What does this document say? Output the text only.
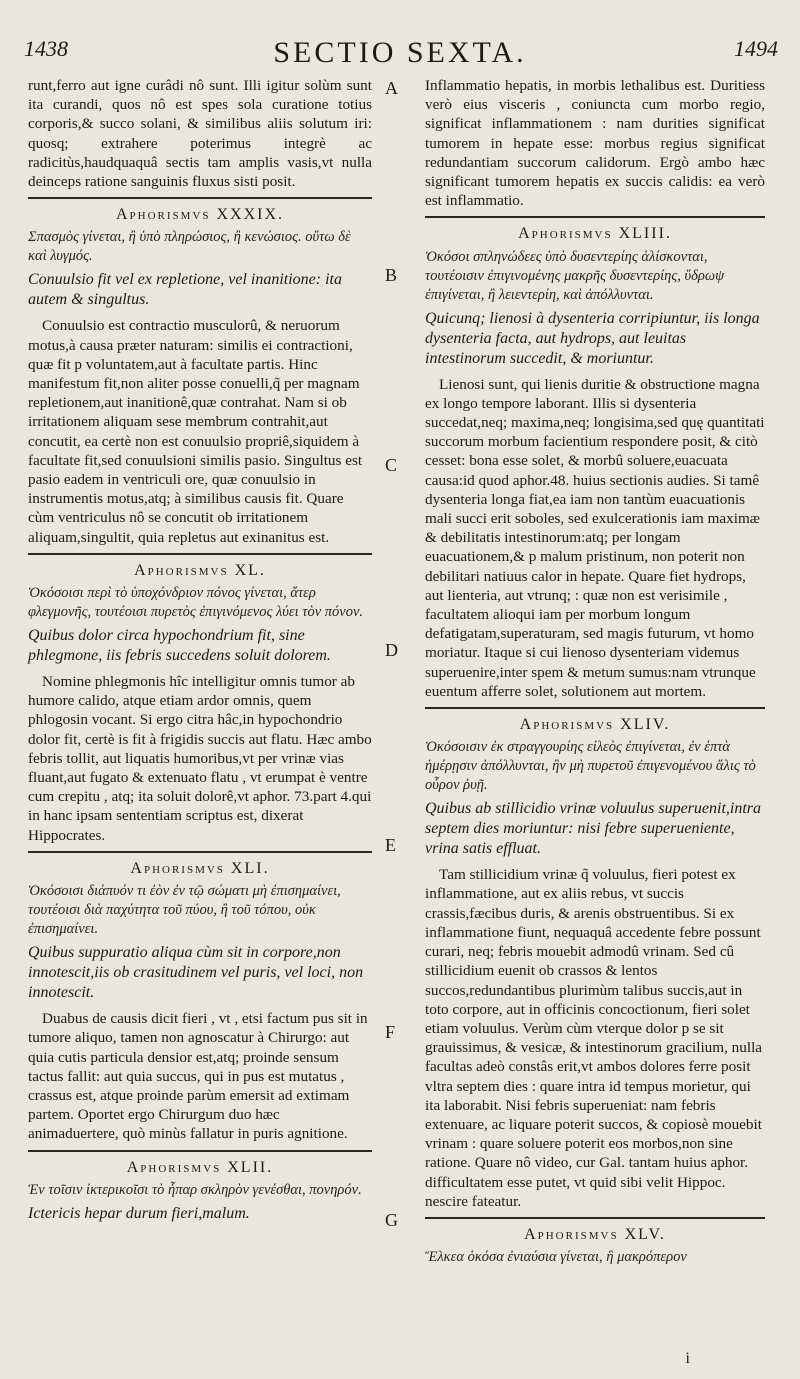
1438	SECTIO SEXTA.	1494

runt,ferro aut igne curâdi nô sunt. Illi igitur solùm sunt ita curandi, quos nô est spes sola curatione totius corporis,& succo solani, & similibus aliis solutum iri: quosq; extrahere poterimus integrè ac radicitùs,haudquaquâ sectis tam amplis vasis,vt nulla deinceps ratione sanguinis fluxus sisti posit.

Aphorismvs XXXIX.

Σπασμὸς γίνεται, ἢ ὑπὸ πληρώσιος, ἢ κενώσιος. οὕτω δὲ καὶ λυγμός.

Conuulsio fit vel ex repletione, vel inanitione: ita autem & singultus.

Conuulsio est contractio musculorû, & neruorum motus,à causa præter naturam: similis ei contractioni, quæ fit p voluntatem,aut à facultate partis. Hinc manifestum fit,non aliter posse conuelli,q̃ per magnam repletionem,aut inanitionê,quæ contrahat. Nam si ob irritationem aliquam sese membrum contrahit,aut concutit, ea certè non est conuulsio propriê,siquidem à facultate fit,sed conuulsioni similis pasio. Singultus est pasio eadem in ventriculi ore, quæ conuulsio in instrumentis motus,atq; à similibus causis fit. Quare cùm ventriculus nô se concutit ob irritationem aliquam,singultit, quia repletus aut exinanitus est.

Aphorismvs XL.

Ὁκόσοισι περὶ τὸ ὑποχόνδριον πόνος γίνεται, ἄτερ φλεγμονῆς, τουτέοισι πυρετὸς ἐπιγινόμενος λύει τὸν πόνον.

Quibus dolor circa hypochondrium fit, sine phlegmone, iis febris succedens soluit dolorem.

Nomine phlegmonis hîc intelligitur omnis tumor ab humore calido, atque etiam ardor omnis, quem phlogosin vocant. Si ergo citra hâc,in hypochondrio dolor fit, certè is fit à frigidis succis aut flatu. Hæc ambo febris tollit, aut liquatis humoribus,vt per vrinæ vias fluant,aut fugato & extenuato flatu , vt erumpat è ventre cum crepitu , atq; ita soluit dolorê,vt aphor. 73.part 4.qui in hanc ipsam sententiam scriptus est, dixerat Hippocrates.

Aphorismvs XLI.

Ὁκόσοισι διάπυόν τι ἐὸν ἐν τῷ σώματι μὴ ἐπισημαίνει, τουτέοισι διὰ παχύτητα τοῦ πύου, ἢ τοῦ τόπου, οὐκ ἐπισημαίνει.

Quibus suppuratio aliqua cùm sit in corpore,non innotescit,iis ob crasitudinem vel puris, vel loci, non innotescit.

Duabus de causis dicit fieri , vt , etsi factum pus sit in tumore aliquo, tamen non agnoscatur à Chirurgo: aut quia cutis particula densior est,atq; proinde sensum tactus fallit: aut quia succus, qui in pus est mutatus , crassus est, atque proinde parùm emersit ad extimam partem. Oportet ergo Chirurgum duo hæc animaduertere, quò minùs fallatur in puris agnitione.

Aphorismvs XLII.

Ἐν τοῖσιν ἰκτερικοῖσι τὸ ἧπαρ σκληρὸν γενέσθαι, πονηρόν.

Ictericis hepar durum fieri,malum.

A
B
C
D
E
F
G

Inflammatio hepatis, in morbis lethalibus est. Duritiess verò eius visceris , coniuncta cum morbo regio, significat inflammationem : nam durities significat tumorem in hepate esse: morbus regius significat redundantiam succorum calidorum. Ergò ambo hæc significant tumorem hepatis ex succis calidis: ea verò est inflammatio.

Aphorismvs XLIII.

Ὁκόσοι σπληνώδεες ὑπὸ δυσεντερίης ἁλίσκονται, τουτέοισιν ἐπιγινομένης μακρῆς δυσεντερίης, ὕδρωψ ἐπιγίνεται, ἢ λειεντερίη, καὶ ἀπόλλυνται.

Quicunq; lienosi à dysenteria corripiuntur, iis longa dysenteria facta, aut hydrops, aut leuitas intestinorum succedit, & moriuntur.

Lienosi sunt, qui lienis duritie & obstructione magna ex longo tempore laborant. Illis si dysenteria succedat,neq; maxima,neq; longisima,sed quę quantitati succorum morbum facientium respondere posit, & citò cesset: bona esse solet, & morbû soluere,euacuata causa:id quod aphor.48. huius sectionis audies. Si tamê dysenteria longa fiat,ea iam non tantùm euacuationis mali succi erit soboles, sed exulcerationis iam maximæ & debilitatis intestinorum:atq; per longam euacuationem,& p malum pristinum, non poterit non debilitari natiuus calor in hepate. Quare fiet hydrops, aut lienteria, aut vtrunq; : quæ non est verisimile , facultatem alioqui iam per morbum longum defatigatam,superaturam, sed magis futurum, vt homo moriatur. Itaque si cui lienoso dysenteriam videmus superuenire,inter spem & metum sumus:nam vtrunque euentum afferre solet, solutionem aut mortem.

Aphorismvs XLIV.

Ὁκόσοισιν ἐκ στραγγουρίης εἰλεὸς ἐπιγίνεται, ἐν ἑπτὰ ἡμέρῃσιν ἀπόλλυνται, ἢν μὴ πυρετοῦ ἐπιγενομένου ἅλις τὸ οὖρον ῥυῇ.

Quibus ab stillicidio vrinæ voluulus superuenit,intra septem dies moriuntur: nisi febre superueniente, vrina satis effluat.

Tam stillicidium vrinæ q̃ voluulus, fieri potest ex inflammatione, aut ex aliis rebus, vt succis crassis,fæcibus duris, & arenis obstruentibus. Si ex inflammatione fiunt, nequaquâ accedente febre possunt curari, neq; febris mouebit admodû vrinam. Sed cû stillicidium euenit ob crassos & lentos succos,redundantibus plurimùm talibus succis,aut in toto corpore, aut in officinis concoctionum, fieri solet etiam voluulus. Verùm cùm vterque dolor p se sit grauissimus, & vesicæ, & intestinorum gracilium, nulla facultas adeò constâs erit,vt ambos dolores ferre posit vltra septem dies : quare intra id tempus morietur, qui ita laborabit. Nisi febris superueniat: nam febris extenuare, ac liquare poterit succos, & copiosè mouebit vrinam : quare soluere poterit eos morbos,non sine ratione. Quare nô video, cur Gal. tantam huius aphor. difficultatem esse putet, vt quid sibi velit Hippoc. nescire fateatur.

Aphorismvs XLV.

Ἕλκεα ὁκόσα ἐνιαύσια γίνεται, ἢ μακρόπερον

i
